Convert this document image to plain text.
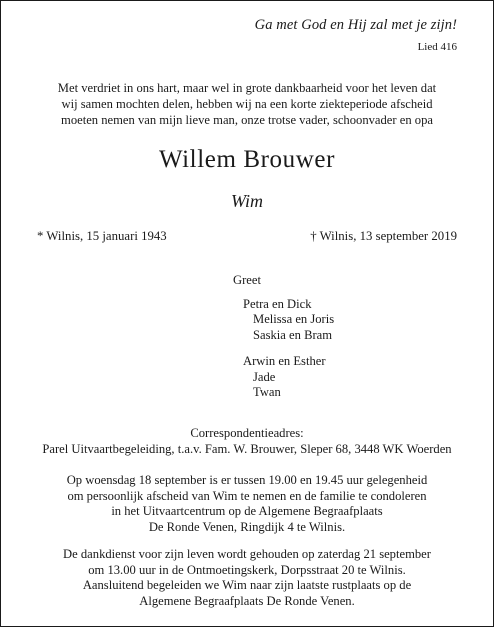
Ga met God en Hij zal met je zijn!
Lied 416
Met verdriet in ons hart, maar wel in grote dankbaarheid voor het leven dat
wij samen mochten delen, hebben wij na een korte ziekteperiode afscheid
moeten nemen van mijn lieve man, onze trotse vader, schoonvader en opa
Willem Brouwer
Wim
* Wilnis, 15 januari 1943	† Wilnis, 13 september 2019
Greet
Petra en Dick
Melissa en Joris
Saskia en Bram
Arwin en Esther
Jade
Twan
Correspondentieadres:
Parel Uitvaartbegeleiding, t.a.v. Fam. W. Brouwer, Sleper 68, 3448 WK Woerden
Op woensdag 18 september is er tussen 19.00 en 19.45 uur gelegenheid
om persoonlijk afscheid van Wim te nemen en de familie te condoleren
in het Uitvaartcentrum op de Algemene Begraafplaats
De Ronde Venen, Ringdijk 4 te Wilnis.
De dankdienst voor zijn leven wordt gehouden op zaterdag 21 september
om 13.00 uur in de Ontmoetingskerk, Dorpsstraat 20 te Wilnis.
Aansluitend begeleiden we Wim naar zijn laatste rustplaats op de
Algemene Begraafplaats De Ronde Venen.
